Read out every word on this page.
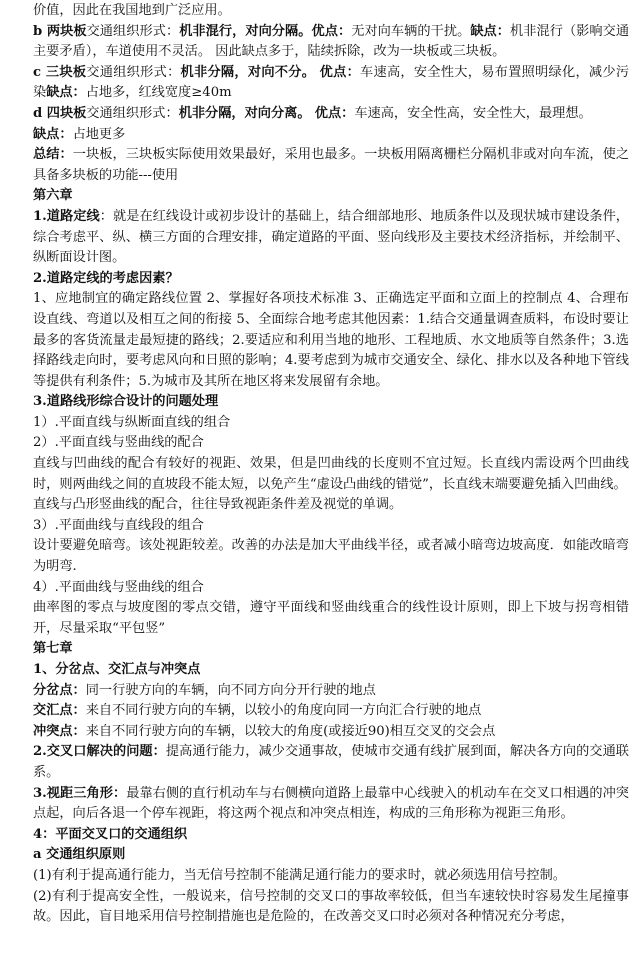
价值，因此在我国地到广泛应用。

b 两块板交通组织形式：机非混行，对向分隔。优点：无对向车辆的干扰。缺点：机非混行（影响交通主要矛盾），车道使用不灵活。 因此缺点多于，陆续拆除，改为一块板或三块板。

c 三块板交通组织形式：机非分隔，对向不分。 优点：车速高，安全性大，易布置照明绿化，减少污染缺点：占地多，红线宽度≥40m

d 四块板交通组织形式：机非分隔，对向分离。 优点：车速高，安全性高，安全性大，最理想。

缺点：占地更多

总结：一块板，三块板实际使用效果最好，采用也最多。一块板用隔离栅栏分隔机非或对向车流，使之具备多块板的功能---使用

第六章

1.道路定线：就是在红线设计或初步设计的基础上，结合细部地形、地质条件以及现状城市建设条件，综合考虑平、纵、横三方面的合理安排，确定道路的平面、竖向线形及主要技术经济指标，并绘制平、纵断面设计图。

2.道路定线的考虑因素？

1、应地制宜的确定路线位置 2、掌握好各项技术标准 3、正确选定平面和立面上的控制点 4、合理布设直线、弯道以及相互之间的衔接 5、全面综合地考虑其他因素：1.结合交通量调查质料，布设时要让最多的客货流量走最短捷的路线；2.要适应和利用当地的地形、工程地质、水文地质等自然条件；3.选择路线走向时，要考虑风向和日照的影响；4.要考虑到为城市交通安全、绿化、排水以及各种地下管线等提供有利条件；5.为城市及其所在地区将来发展留有余地。

3.道路线形综合设计的问题处理

1）.平面直线与纵断面直线的组合

2）.平面直线与竖曲线的配合

直线与凹曲线的配合有较好的视距、效果，但是凹曲线的长度则不宜过短。长直线内需设两个凹曲线时，则两曲线之间的直坡段不能太短，以免产生“虚设凸曲线的错觉”，长直线末端要避免插入凹曲线。

直线与凸形竖曲线的配合，往往导致视距条件差及视觉的单调。

3）.平面曲线与直线段的组合

设计要避免暗弯。该处视距较差。改善的办法是加大平曲线半径，或者减小暗弯边坡高度．如能改暗弯为明弯.

4）.平面曲线与竖曲线的组合

曲率图的零点与坡度图的零点交错，遵守平面线和竖曲线重合的线性设计原则，即上下坡与拐弯相错开，尽量采取“平包竖”

第七章

1、分岔点、交汇点与冲突点

分岔点：同一行驶方向的车辆，向不同方向分开行驶的地点

交汇点：来自不同行驶方向的车辆，以较小的角度向同一方向汇合行驶的地点

冲突点：来自不同行驶方向的车辆，以较大的角度(或接近90)相互交叉的交会点

2.交叉口解决的问题：提高通行能力，减少交通事故，使城市交通有线扩展到面，解决各方向的交通联系。

3.视距三角形：最靠右侧的直行机动车与右侧横向道路上最靠中心线驶入的机动车在交叉口相遇的冲突点起，向后各退一个停车视距，将这两个视点和冲突点相连，构成的三角形称为视距三角形。

4：平面交叉口的交通组织

a 交通组织原则

(1)有利于提高通行能力，当无信号控制不能满足通行能力的要求时，就必须选用信号控制。

(2)有利于提高安全性，一般说来，信号控制的交叉口的事故率较低，但当车速较快时容易发生尾撞事故。因此，盲目地采用信号控制措施也是危险的，在改善交叉口时必须对各种情况充分考虑，
